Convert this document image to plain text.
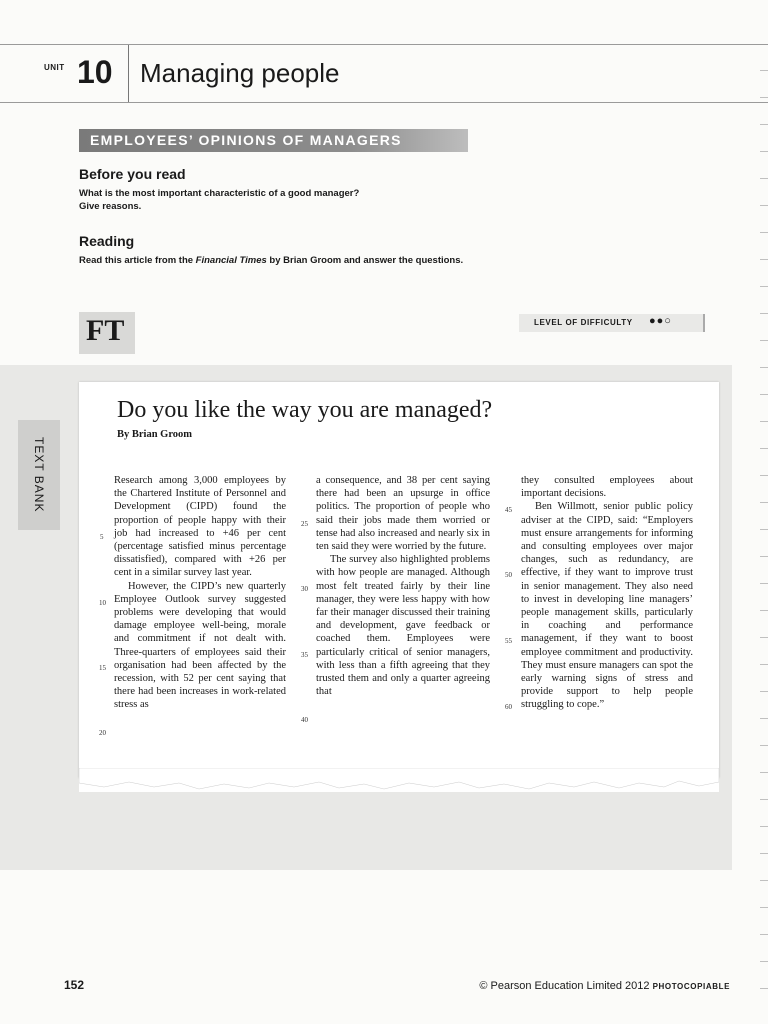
UNIT 10 Managing people
EMPLOYEES’ OPINIONS OF MANAGERS
Before you read
What is the most important characteristic of a good manager?
Give reasons.
Reading
Read this article from the Financial Times by Brian Groom and answer the questions.
FT	LEVEL OF DIFFICULTY ●●○
TEXT BANK
Do you like the way you are managed?
By Brian Groom

Research among 3,000 employees by the Chartered Institute of Personnel and Development (CIPD) found the proportion of people happy with their job had increased to +46 per cent (percentage satisfied minus percentage dissatisfied), compared with +26 per cent in a similar survey last year.

However, the CIPD’s new quarterly Employee Outlook survey suggested problems were developing that would damage employee well-being, morale and commitment if not dealt with. Three-quarters of employees said their organisation had been affected by the recession, with 52 per cent saying that there had been increases in work-related stress as

a consequence, and 38 per cent saying there had been an upsurge in office politics. The proportion of people who said their jobs made them worried or tense had also increased and nearly six in ten said they were worried by the future.

The survey also highlighted problems with how people are managed. Although most felt treated fairly by their line manager, they were less happy with how far their manager discussed their training and development, gave feedback or coached them. Employees were particularly critical of senior managers, with less than a fifth agreeing that they trusted them and only a quarter agreeing that

they consulted employees about important decisions.

Ben Willmott, senior public policy adviser at the CIPD, said: “Employers must ensure arrangements for informing and consulting employees over major changes, such as redundancy, are effective, if they want to improve trust in senior management. They also need to invest in developing line managers’ people management skills, particularly in coaching and performance management, if they want to boost employee commitment and productivity. They must ensure managers can spot the early warning signs of stress and provide support to help people struggling to cope.”

5
10
15
20
25
30
35
40
45
50
55
60
152	© Pearson Education Limited 2012 PHOTOCOPIABLE
